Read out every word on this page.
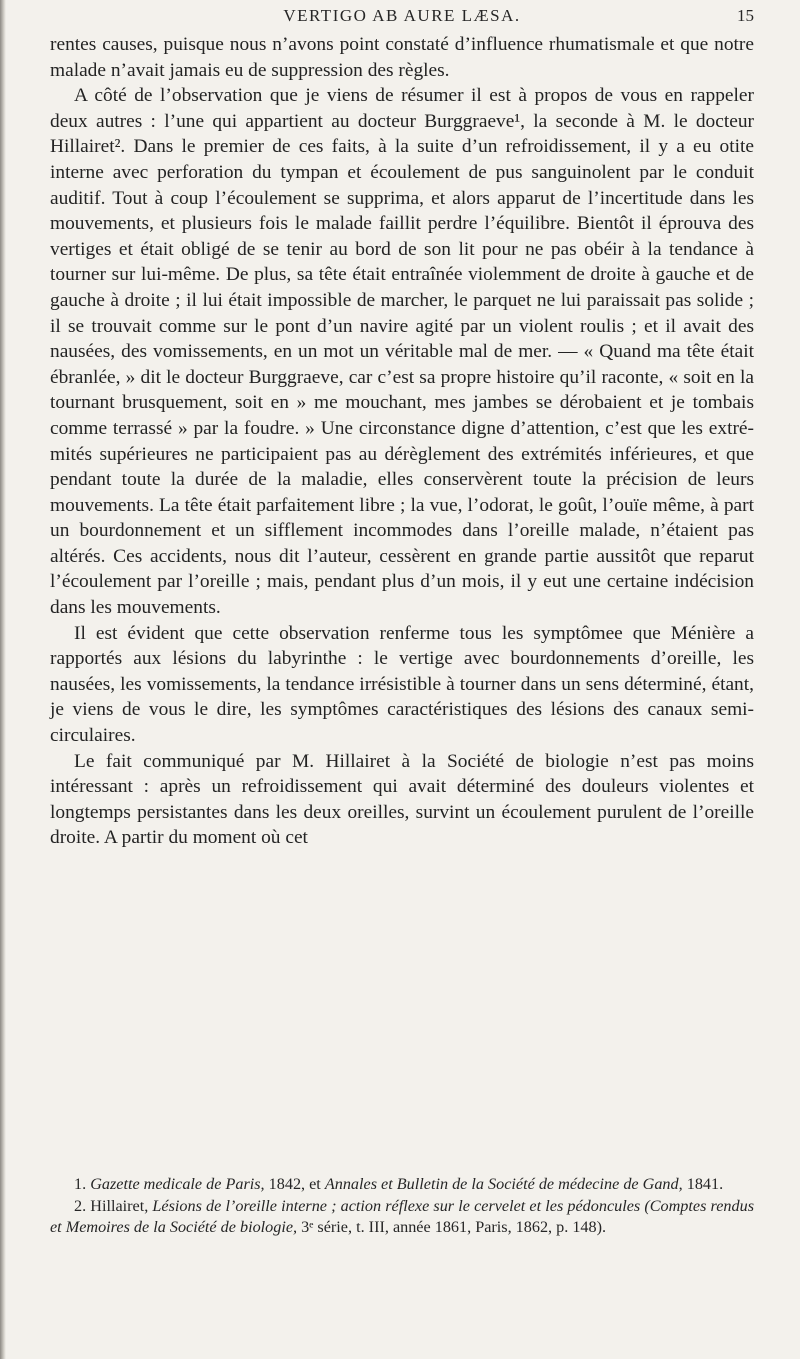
VERTIGO AB AURE LÆSA.	15

rentes causes, puisque nous n’avons point constaté d’influence rhumatismale et que notre malade n’avait jamais eu de suppression des règles.

A côté de l’observation que je viens de résumer il est à propos de vous en rappeler deux autres : l’une qui appartient au docteur Burggraeve¹, la seconde à M. le docteur Hillairet². Dans le premier de ces faits, à la suite d’un refroidissement, il y a eu otite interne avec perforation du tympan et écoulement de pus sanguinolent par le conduit auditif. Tout à coup l’écoulement se supprima, et alors apparut de l’incertitude dans les mouvements, et plusieurs fois le malade faillit perdre l’équilibre. Bientôt il éprouva des vertiges et était obligé de se tenir au bord de son lit pour ne pas obéir à la tendance à tourner sur lui-même. De plus, sa tête était entraînée violemment de droite à gauche et de gauche à droite ; il lui était impossible de marcher, le parquet ne lui paraissait pas solide ; il se trouvait comme sur le pont d’un navire agité par un violent roulis ; et il avait des nausées, des vomissements, en un mot un véritable mal de mer. — « Quand ma tête était ébranlée, » dit le docteur Burggraeve, car c’est sa propre histoire qu’il raconte, « soit en la tournant brusquement, soit en » me mouchant, mes jambes se dérobaient et je tombais comme terrassé » par la foudre. » Une circonstance digne d’attention, c’est que les extrémités supérieures ne participaient pas au dérèglement des extrémités inférieures, et que pendant toute la durée de la maladie, elles conservèrent toute la précision de leurs mouvements. La tête était parfaitement libre ; la vue, l’odorat, le goût, l’ouïe même, à part un bourdonnement et un sifflement incommodes dans l’oreille malade, n’étaient pas altérés. Ces accidents, nous dit l’auteur, cessèrent en grande partie aussitôt que reparut l’écoulement par l’oreille ; mais, pendant plus d’un mois, il y eut une certaine indécision dans les mouvements.

Il est évident que cette observation renferme tous les symptômee que Ménière a rapportés aux lésions du labyrinthe : le vertige avec bourdonnements d’oreille, les nausées, les vomissements, la tendance irrésistible à tourner dans un sens déterminé, étant, je viens de vous le dire, les symptômes caractéristiques des lésions des canaux semi-circulaires.

Le fait communiqué par M. Hillairet à la Société de biologie n’est pas moins intéressant : après un refroidissement qui avait déterminé des douleurs violentes et longtemps persistantes dans les deux oreilles, survint un écoulement purulent de l’oreille droite. A partir du moment où cet

1. Gazette medicale de Paris, 1842, et Annales et Bulletin de la Société de médecine de Gand, 1841.

2. Hillairet, Lésions de l’oreille interne ; action réflexe sur le cervelet et les pédoncules (Comptes rendus et Memoires de la Société de biologie, 3ᵉ série, t. III, année 1861, Paris, 1862, p. 148).
